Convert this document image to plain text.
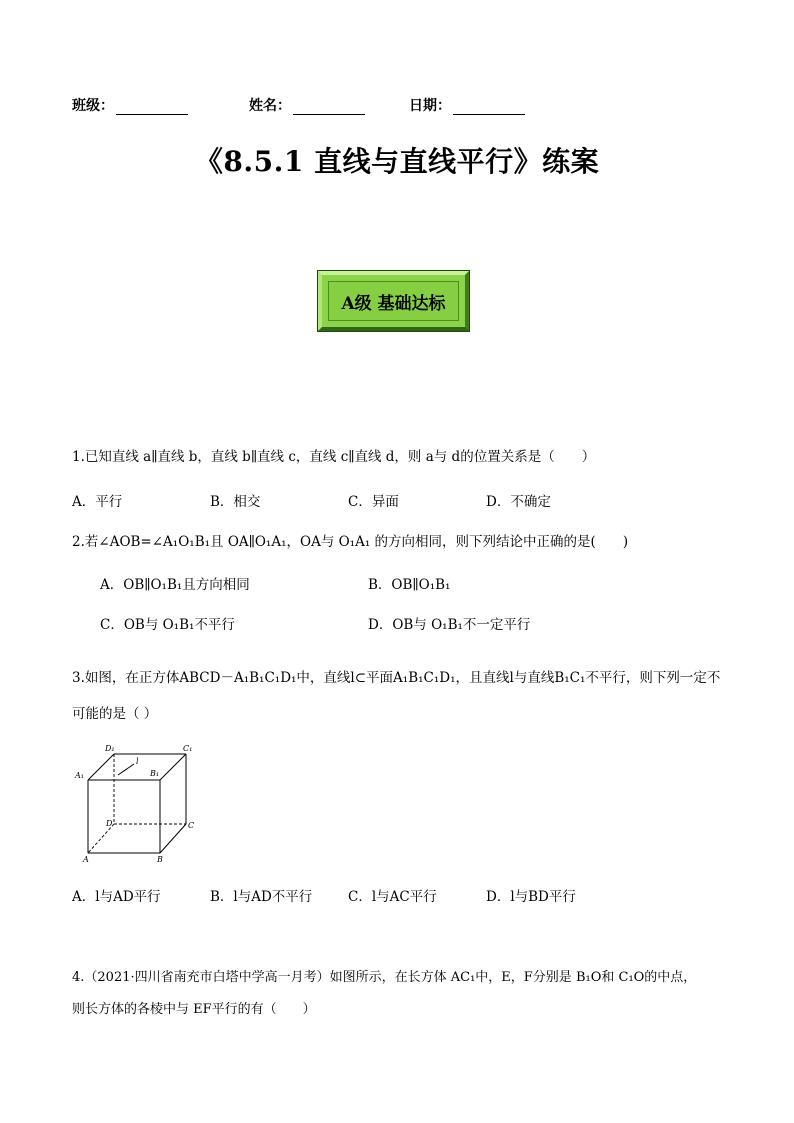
班级：	姓名：	日期：
《8.5.1 直线与直线平行》练案
A级 基础达标
1.已知直线 a∥直线 b，直线 b∥直线 c，直线 c∥直线 d，则 a与 d的位置关系是（　　）
A．平行	B．相交	C．异面	D．不确定
2.若∠AOB=∠A₁O₁B₁且 OA∥O₁A₁，OA与 O₁A₁ 的方向相同，则下列结论中正确的是(　　)
A．OB∥O₁B₁且方向相同	B．OB∥O₁B₁
C．OB与 O₁B₁不平行	D．OB与 O₁B₁不一定平行
3.如图，在正方体ABCD－A₁B₁C₁D₁中，直线l⊂平面A₁B₁C₁D₁，且直线l与直线B₁C₁不平行，则下列一定不
可能的是（ ）
D₁	C₁
A₁	B₁
l
D	C
A	B
A．l与AD平行	B．l与AD不平行	C．l与AC平行	D．l与BD平行
4.（2021·四川省南充市白塔中学高一月考）如图所示，在长方体 AC₁中，E，F分别是 B₁O和 C₁O的中点，
则长方体的各棱中与 EF平行的有（　　）
